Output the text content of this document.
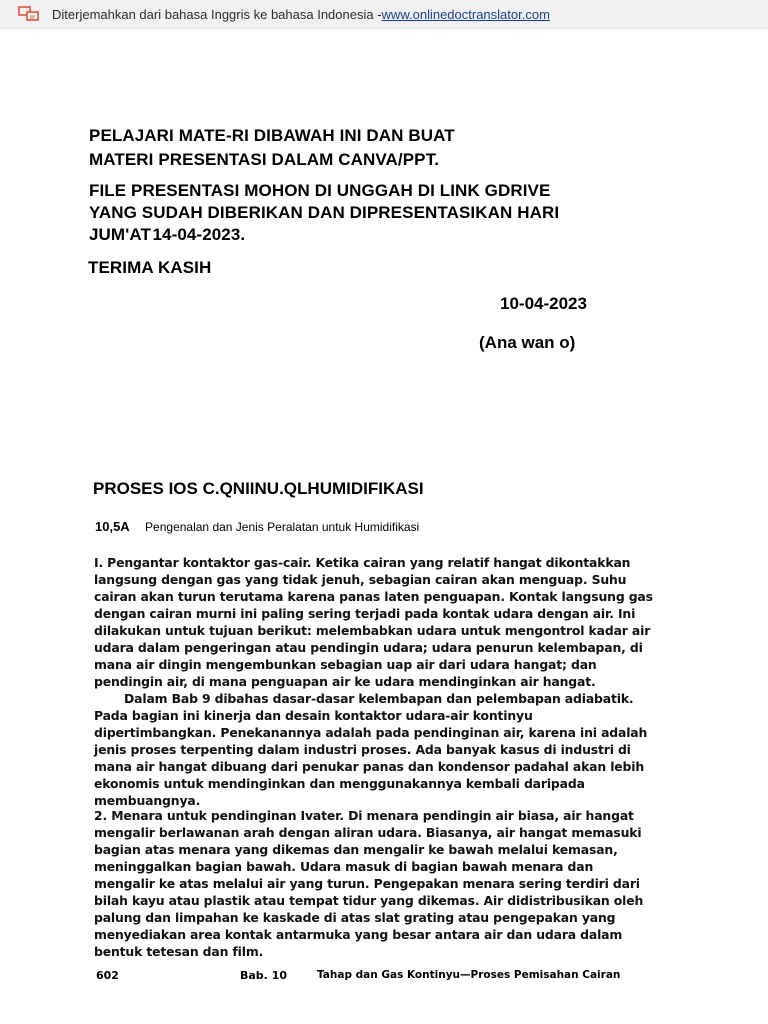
Diterjemahkan dari bahasa Inggris ke bahasa Indonesia - www.onlinedoctranslator.com
PELAJARI MATE-RI DIBAWAH INI DAN BUAT
MATERI PRESENTASI DALAM CANVA/PPT.
FILE PRESENTASI MOHON DI UNGGAH DI LINK GDRIVE
YANG SUDAH DIBERIKAN DAN DIPRESENTASIKAN HARI
JUM'AT 14-04-2023.
TERIMA KASIH
10-04-2023
(Ana wan o)
PROSES IOS C.QNIINU.QLHUMIDIFIKASI
10,5A Pengenalan dan Jenis Peralatan untuk Humidifikasi

I. Pengantar kontaktor gas-cair. Ketika cairan yang relatif hangat dikontakkan langsung dengan gas yang tidak jenuh, sebagian cairan akan menguap. Suhu cairan akan turun terutama karena panas laten penguapan. Kontak langsung gas dengan cairan murni ini paling sering terjadi pada kontak udara dengan air. Ini dilakukan untuk tujuan berikut: melembabkan udara untuk mengontrol kadar air udara dalam pengeringan atau pendingin udara; udara penurun kelembapan, di mana air dingin mengembunkan sebagian uap air dari udara hangat; dan pendingin air, di mana penguapan air ke udara mendinginkan air hangat.

Dalam Bab 9 dibahas dasar-dasar kelembapan dan pelembapan adiabatik. Pada bagian ini kinerja dan desain kontaktor udara-air kontinyu dipertimbangkan. Penekanannya adalah pada pendinginan air, karena ini adalah jenis proses terpenting dalam industri proses. Ada banyak kasus di industri di mana air hangat dibuang dari penukar panas dan kondensor padahal akan lebih ekonomis untuk mendinginkan dan menggunakannya kembali daripada membuangnya.

2. Menara untuk pendinginan Ivater. Di menara pendingin air biasa, air hangat mengalir berlawanan arah dengan aliran udara. Biasanya, air hangat memasuki bagian atas menara yang dikemas dan mengalir ke bawah melalui kemasan, meninggalkan bagian bawah. Udara masuk di bagian bawah menara dan mengalir ke atas melalui air yang turun. Pengepakan menara sering terdiri dari bilah kayu atau plastik atau tempat tidur yang dikemas. Air didistribusikan oleh palung dan limpahan ke kaskade di atas slat grating atau pengepakan yang menyediakan area kontak antarmuka yang besar antara air dan udara dalam bentuk tetesan dan film.

602	Bab. 10	Tahap dan Gas Kontinyu—Proses Pemisahan Cairan
